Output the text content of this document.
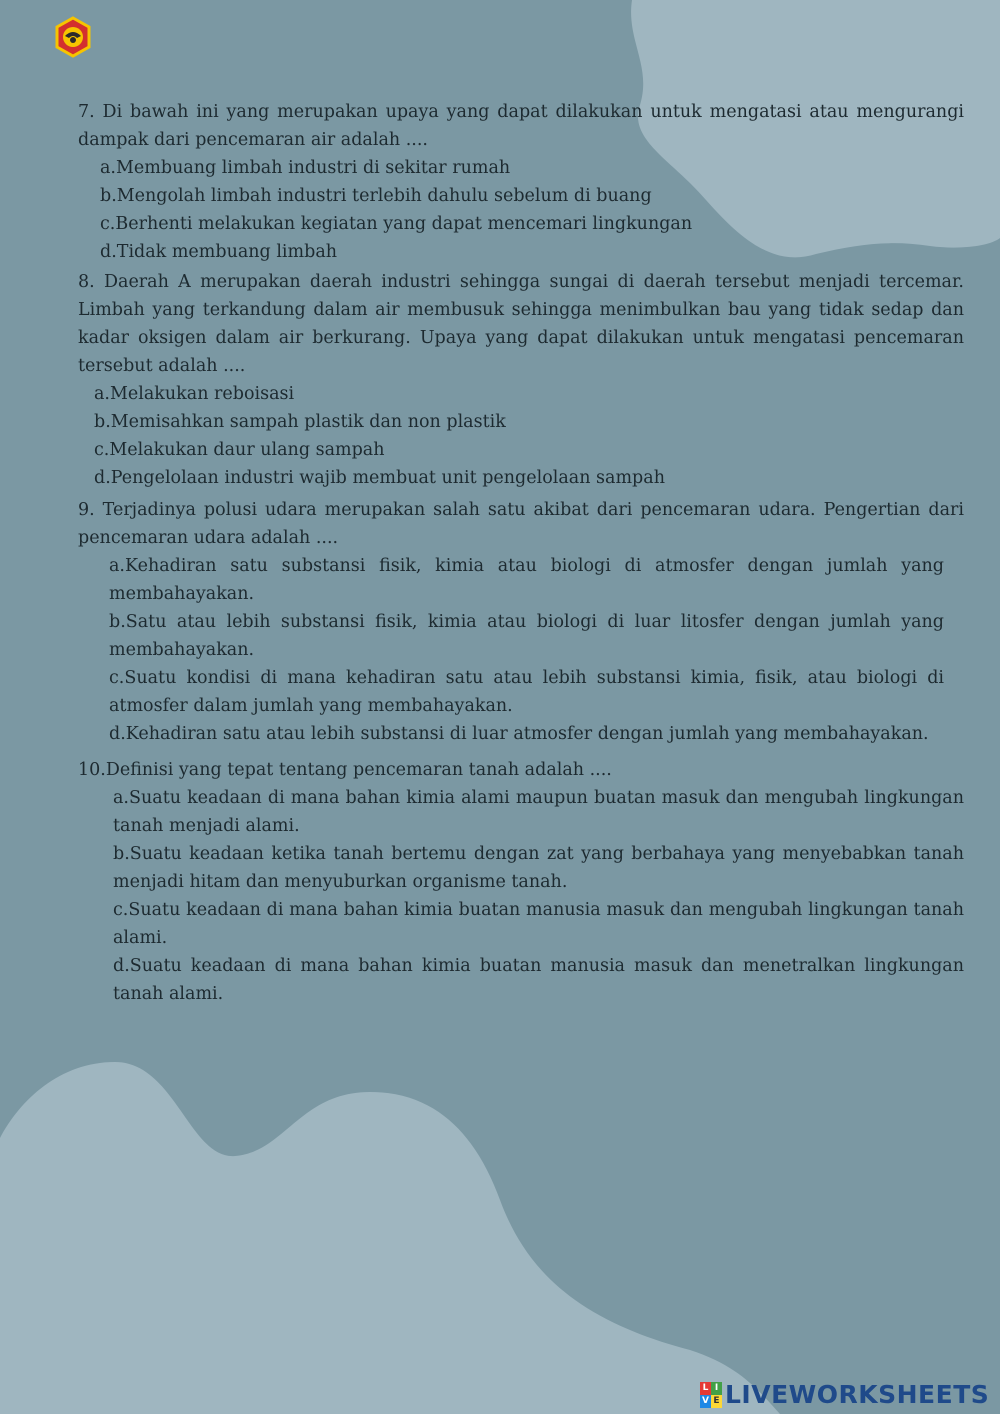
7. Di bawah ini yang merupakan upaya yang dapat dilakukan untuk mengatasi atau mengurangi dampak dari pencemaran air adalah ....

a.Membuang limbah industri di sekitar rumah

b.Mengolah limbah industri terlebih dahulu sebelum di buang

c.Berhenti melakukan kegiatan yang dapat mencemari lingkungan

d.Tidak membuang limbah

8. Daerah A merupakan daerah industri sehingga sungai di daerah tersebut menjadi tercemar. Limbah yang terkandung dalam air membusuk sehingga menimbulkan bau yang tidak sedap dan kadar oksigen dalam air berkurang. Upaya yang dapat dilakukan untuk mengatasi pencemaran tersebut adalah ....

a.Melakukan reboisasi

b.Memisahkan sampah plastik dan non plastik

c.Melakukan daur ulang sampah

d.Pengelolaan industri wajib membuat unit pengelolaan sampah

9. Terjadinya polusi udara merupakan salah satu akibat dari pencemaran udara. Pengertian dari pencemaran udara adalah ....

a.Kehadiran satu substansi fisik, kimia atau biologi di atmosfer dengan jumlah yang membahayakan.

b.Satu atau lebih substansi fisik, kimia atau biologi di luar litosfer dengan jumlah yang membahayakan.

c.Suatu kondisi di mana kehadiran satu atau lebih substansi kimia, fisik, atau biologi di atmosfer dalam jumlah yang membahayakan.

d.Kehadiran satu atau lebih substansi di luar atmosfer dengan jumlah yang membahayakan.

10.Definisi yang tepat tentang pencemaran tanah adalah ....

a.Suatu keadaan di mana bahan kimia alami maupun buatan masuk dan mengubah lingkungan tanah menjadi alami.

b.Suatu keadaan ketika tanah bertemu dengan zat yang berbahaya yang menyebabkan tanah menjadi hitam dan menyuburkan organisme tanah.

c.Suatu keadaan di mana bahan kimia buatan manusia masuk dan mengubah lingkungan tanah alami.

d.Suatu keadaan di mana bahan kimia buatan manusia masuk dan menetralkan lingkungan tanah alami.

L I
V E LIVEWORKSHEETS
